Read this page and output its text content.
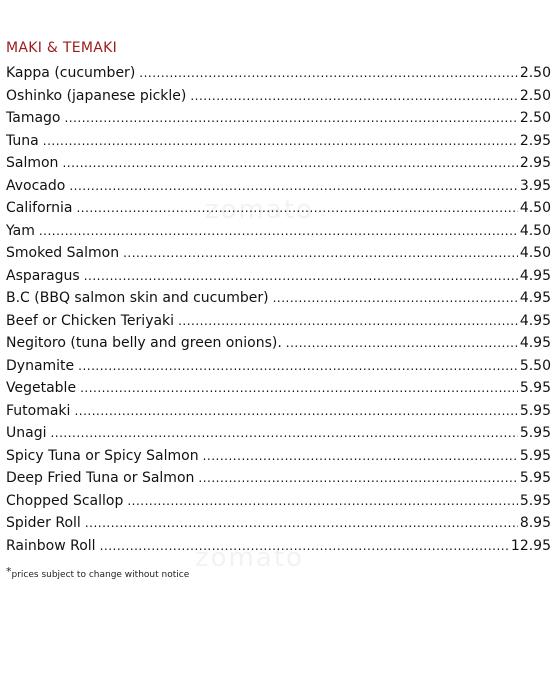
zomato
zomato
MAKI & TEMAKI
Kappa (cucumber) .....	2.50
Oshinko (japanese pickle) .....	2.50
Tamago .....	2.50
Tuna .....	2.95
Salmon .....	2.95
Avocado .....	3.95
California .....	4.50
Yam .....	4.50
Smoked Salmon .....	4.50
Asparagus .....	4.95
B.C (BBQ salmon skin and cucumber) .....	4.95
Beef or Chicken Teriyaki .....	4.95
Negitoro (tuna belly and green onions). .....	4.95
Dynamite .....	5.50
Vegetable .....	5.95
Futomaki .....	5.95
Unagi .....	5.95
Spicy Tuna or Spicy Salmon .....	5.95
Deep Fried Tuna or Salmon .....	5.95
Chopped Scallop .....	5.95
Spider Roll .....	8.95
Rainbow Roll .....	12.95
*prices subject to change without notice
